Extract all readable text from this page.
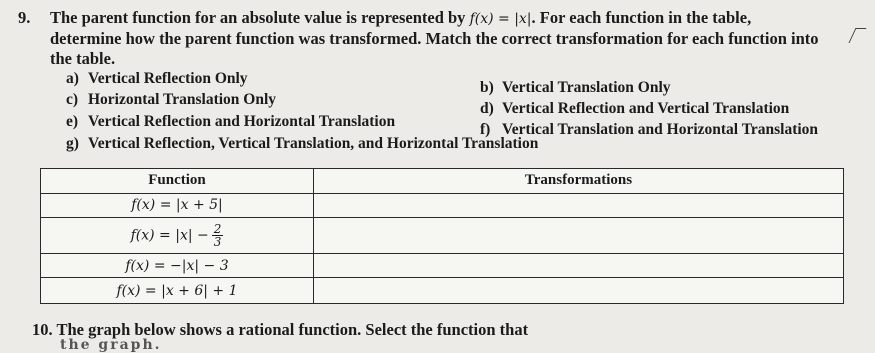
9. The parent function for an absolute value is represented by f(x) = |x|. For each function in the table, determine how the parent function was transformed. Match the correct transformation for each function into the table.
a) Vertical Reflection Only
b) Vertical Translation Only
c) Horizontal Translation Only
d) Vertical Reflection and Vertical Translation
e) Vertical Reflection and Horizontal Translation	f) Vertical Translation and Horizontal Translation
g) Vertical Reflection, Vertical Translation, and Horizontal Translation
Function	Transformations
f(x) = |x + 5|	
$f(x) = |x| - \frac{2}{3}$

f(x) = −|x| − 3	
f(x) = |x + 6| + 1	
10. The graph below shows a rational function. Select the function that
the graph.
